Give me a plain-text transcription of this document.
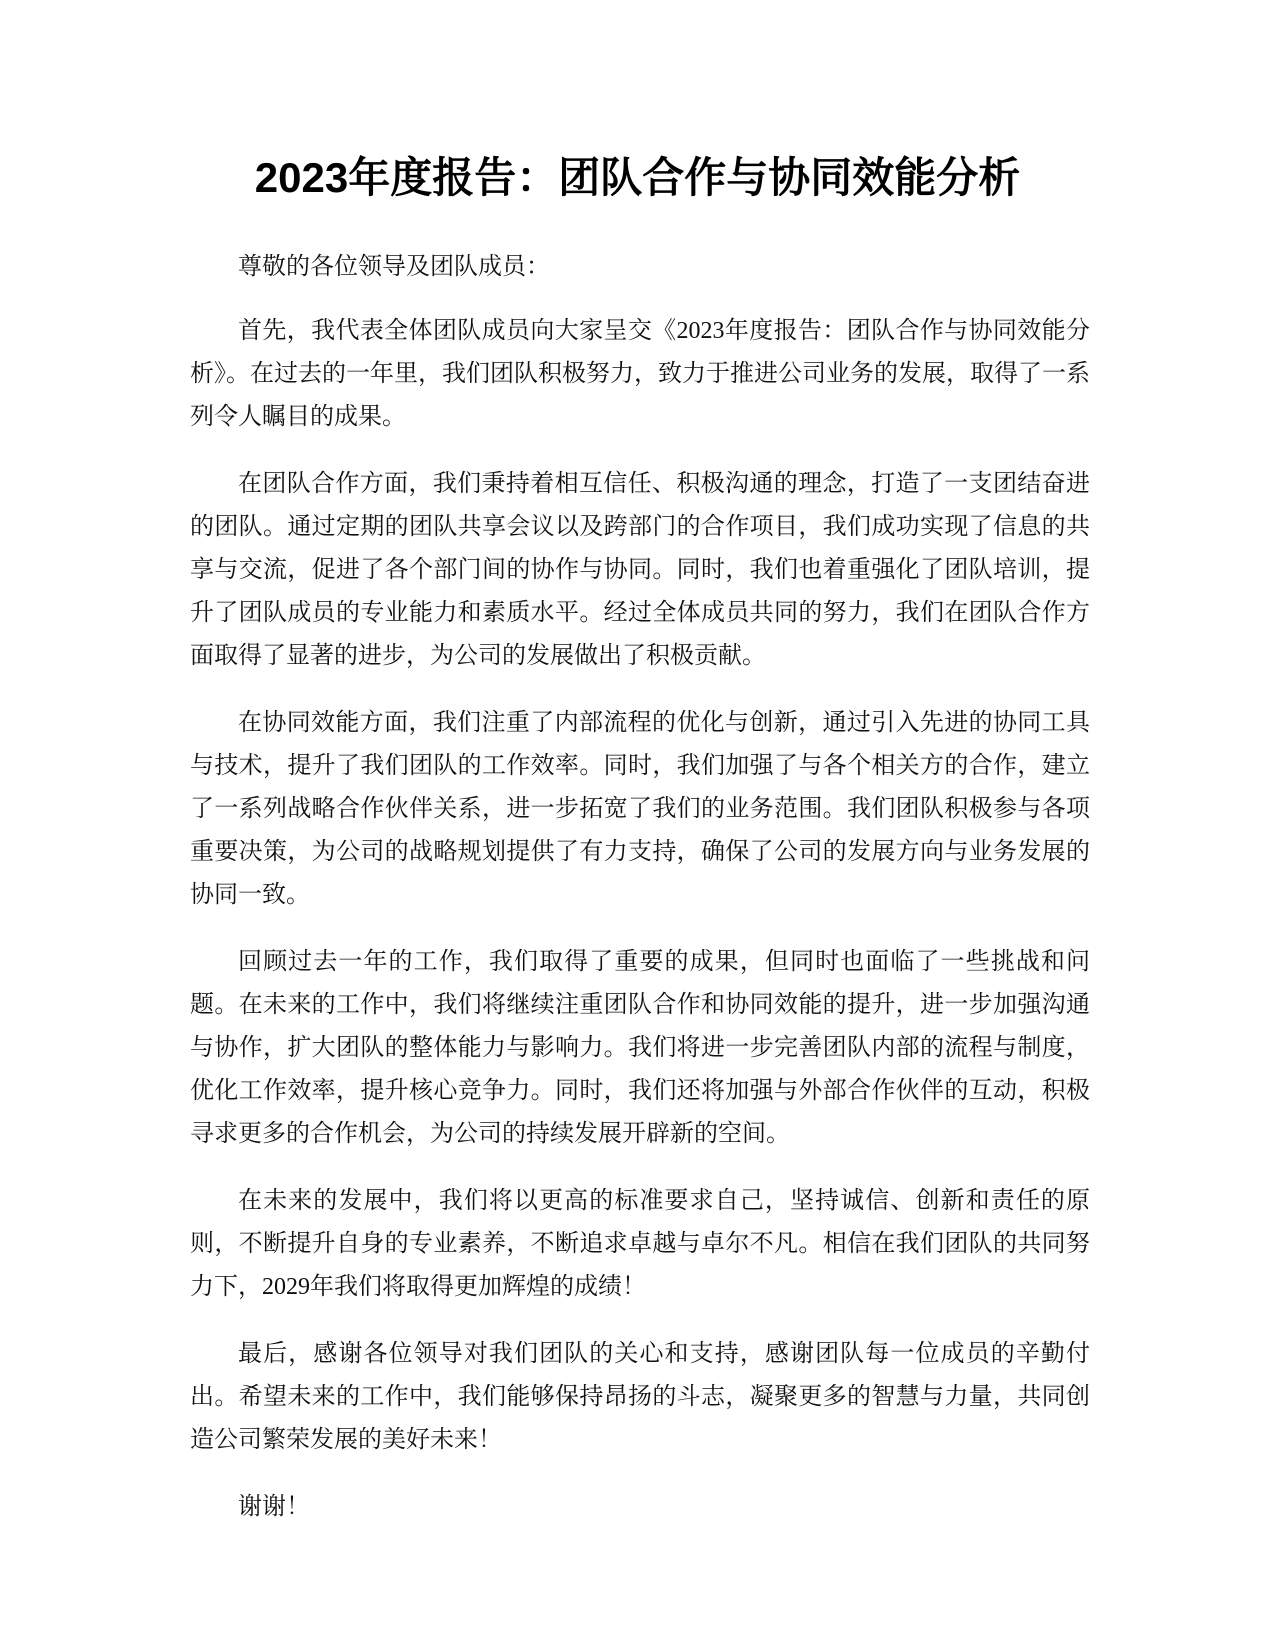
2023年度报告：团队合作与协同效能分析

尊敬的各位领导及团队成员：

首先，我代表全体团队成员向大家呈交《2023年度报告：团队合作与协同效能分析》。在过去的一年里，我们团队积极努力，致力于推进公司业务的发展，取得了一系列令人瞩目的成果。

在团队合作方面，我们秉持着相互信任、积极沟通的理念，打造了一支团结奋进的团队。通过定期的团队共享会议以及跨部门的合作项目，我们成功实现了信息的共享与交流，促进了各个部门间的协作与协同。同时，我们也着重强化了团队培训，提升了团队成员的专业能力和素质水平。经过全体成员共同的努力，我们在团队合作方面取得了显著的进步，为公司的发展做出了积极贡献。

在协同效能方面，我们注重了内部流程的优化与创新，通过引入先进的协同工具与技术，提升了我们团队的工作效率。同时，我们加强了与各个相关方的合作，建立了一系列战略合作伙伴关系，进一步拓宽了我们的业务范围。我们团队积极参与各项重要决策，为公司的战略规划提供了有力支持，确保了公司的发展方向与业务发展的协同一致。

回顾过去一年的工作，我们取得了重要的成果，但同时也面临了一些挑战和问题。在未来的工作中，我们将继续注重团队合作和协同效能的提升，进一步加强沟通与协作，扩大团队的整体能力与影响力。我们将进一步完善团队内部的流程与制度，优化工作效率，提升核心竞争力。同时，我们还将加强与外部合作伙伴的互动，积极寻求更多的合作机会，为公司的持续发展开辟新的空间。

在未来的发展中，我们将以更高的标准要求自己，坚持诚信、创新和责任的原则，不断提升自身的专业素养，不断追求卓越与卓尔不凡。相信在我们团队的共同努力下，2029年我们将取得更加辉煌的成绩！

最后，感谢各位领导对我们团队的关心和支持，感谢团队每一位成员的辛勤付出。希望未来的工作中，我们能够保持昂扬的斗志，凝聚更多的智慧与力量，共同创造公司繁荣发展的美好未来！

谢谢！
